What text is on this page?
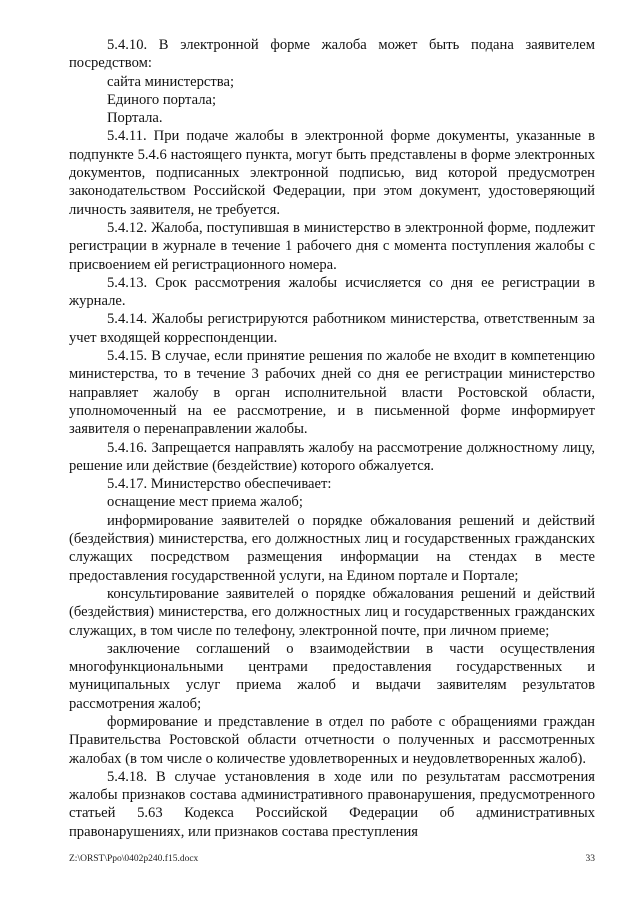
5.4.10. В электронной форме жалоба может быть подана заявителем посредством:

сайта министерства;

Единого портала;

Портала.

5.4.11. При подаче жалобы в электронной форме документы, указанные в подпункте 5.4.6 настоящего пункта, могут быть представлены в форме электронных документов, подписанных электронной подписью, вид которой предусмотрен законодательством Российской Федерации, при этом документ, удостоверяющий личность заявителя, не требуется.

5.4.12. Жалоба, поступившая в министерство в электронной форме, подлежит регистрации в журнале в течение 1 рабочего дня с момента поступления жалобы с присвоением ей регистрационного номера.

5.4.13. Срок рассмотрения жалобы исчисляется со дня ее регистрации в журнале.

5.4.14. Жалобы регистрируются работником министерства, ответственным за учет входящей корреспонденции.

5.4.15. В случае, если принятие решения по жалобе не входит в компетенцию министерства, то в течение 3 рабочих дней со дня ее регистрации министерство направляет жалобу в орган исполнительной власти Ростовской области, уполномоченный на ее рассмотрение, и в письменной форме информирует заявителя о перенаправлении жалобы.

5.4.16. Запрещается направлять жалобу на рассмотрение должностному лицу, решение или действие (бездействие) которого обжалуется.

5.4.17. Министерство обеспечивает:

оснащение мест приема жалоб;

информирование заявителей о порядке обжалования решений и действий (бездействия) министерства, его должностных лиц и государственных гражданских служащих посредством размещения информации на стендах в месте предоставления государственной услуги, на Едином портале и Портале;

консультирование заявителей о порядке обжалования решений и действий (бездействия) министерства, его должностных лиц и государственных гражданских служащих, в том числе по телефону, электронной почте, при личном приеме;

заключение соглашений о взаимодействии в части осуществления многофункциональными центрами предоставления государственных и муниципальных услуг приема жалоб и выдачи заявителям результатов рассмотрения жалоб;

формирование и представление в отдел по работе с обращениями граждан Правительства Ростовской области отчетности о полученных и рассмотренных жалобах (в том числе о количестве удовлетворенных и неудовлетворенных жалоб).

5.4.18. В случае установления в ходе или по результатам рассмотрения жалобы признаков состава административного правонарушения, предусмотренного статьей 5.63 Кодекса Российской Федерации об административных правонарушениях, или признаков состава преступления

Z:\ORST\Ppo\0402p240.f15.docx	33
